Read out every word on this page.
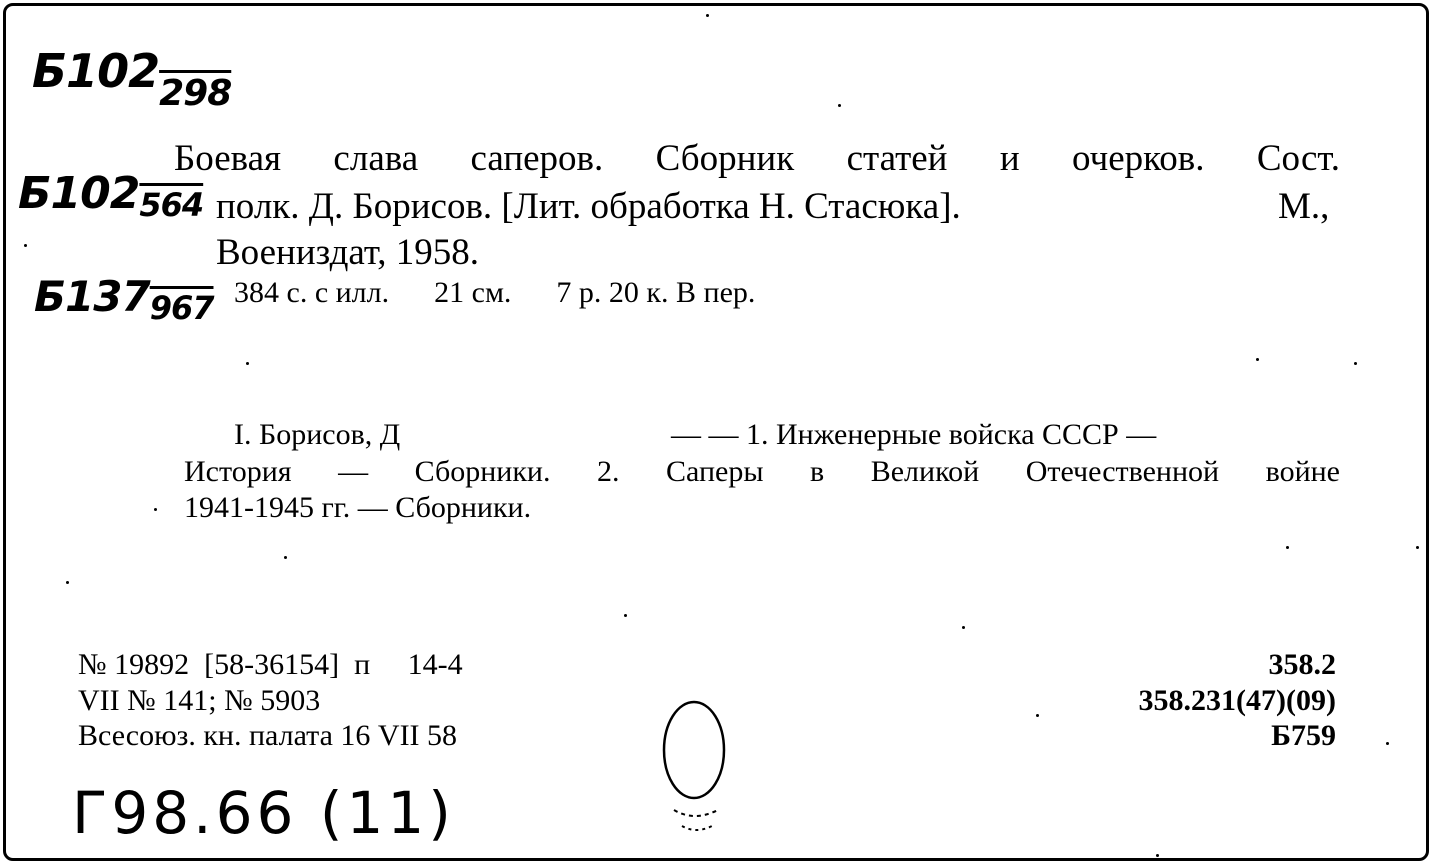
$Б102_{298}$
Б102564
Б137967
Боевая слава саперов. Сборник статей и очерков. Сост.
полк. Д. Борисов. [Лит. обработка Н. Стасюка].	М.,
Воениздат, 1958.
384 с. с илл.      21 см.      7 р. 20 к. В пер.
I. Борисов, Д	— — 1. Инженерные войска СССР —
История — Сборники. 2. Саперы в Великой Отечественной войне
1941-1945 гг. — Сборники.
№ 19892  [58-36154]  п     14-4
VII № 141; № 5903
Всесоюз. кн. палата 16 VII 58
358.2
358.231(47)(09)
Б759
Г98.66 (11)
